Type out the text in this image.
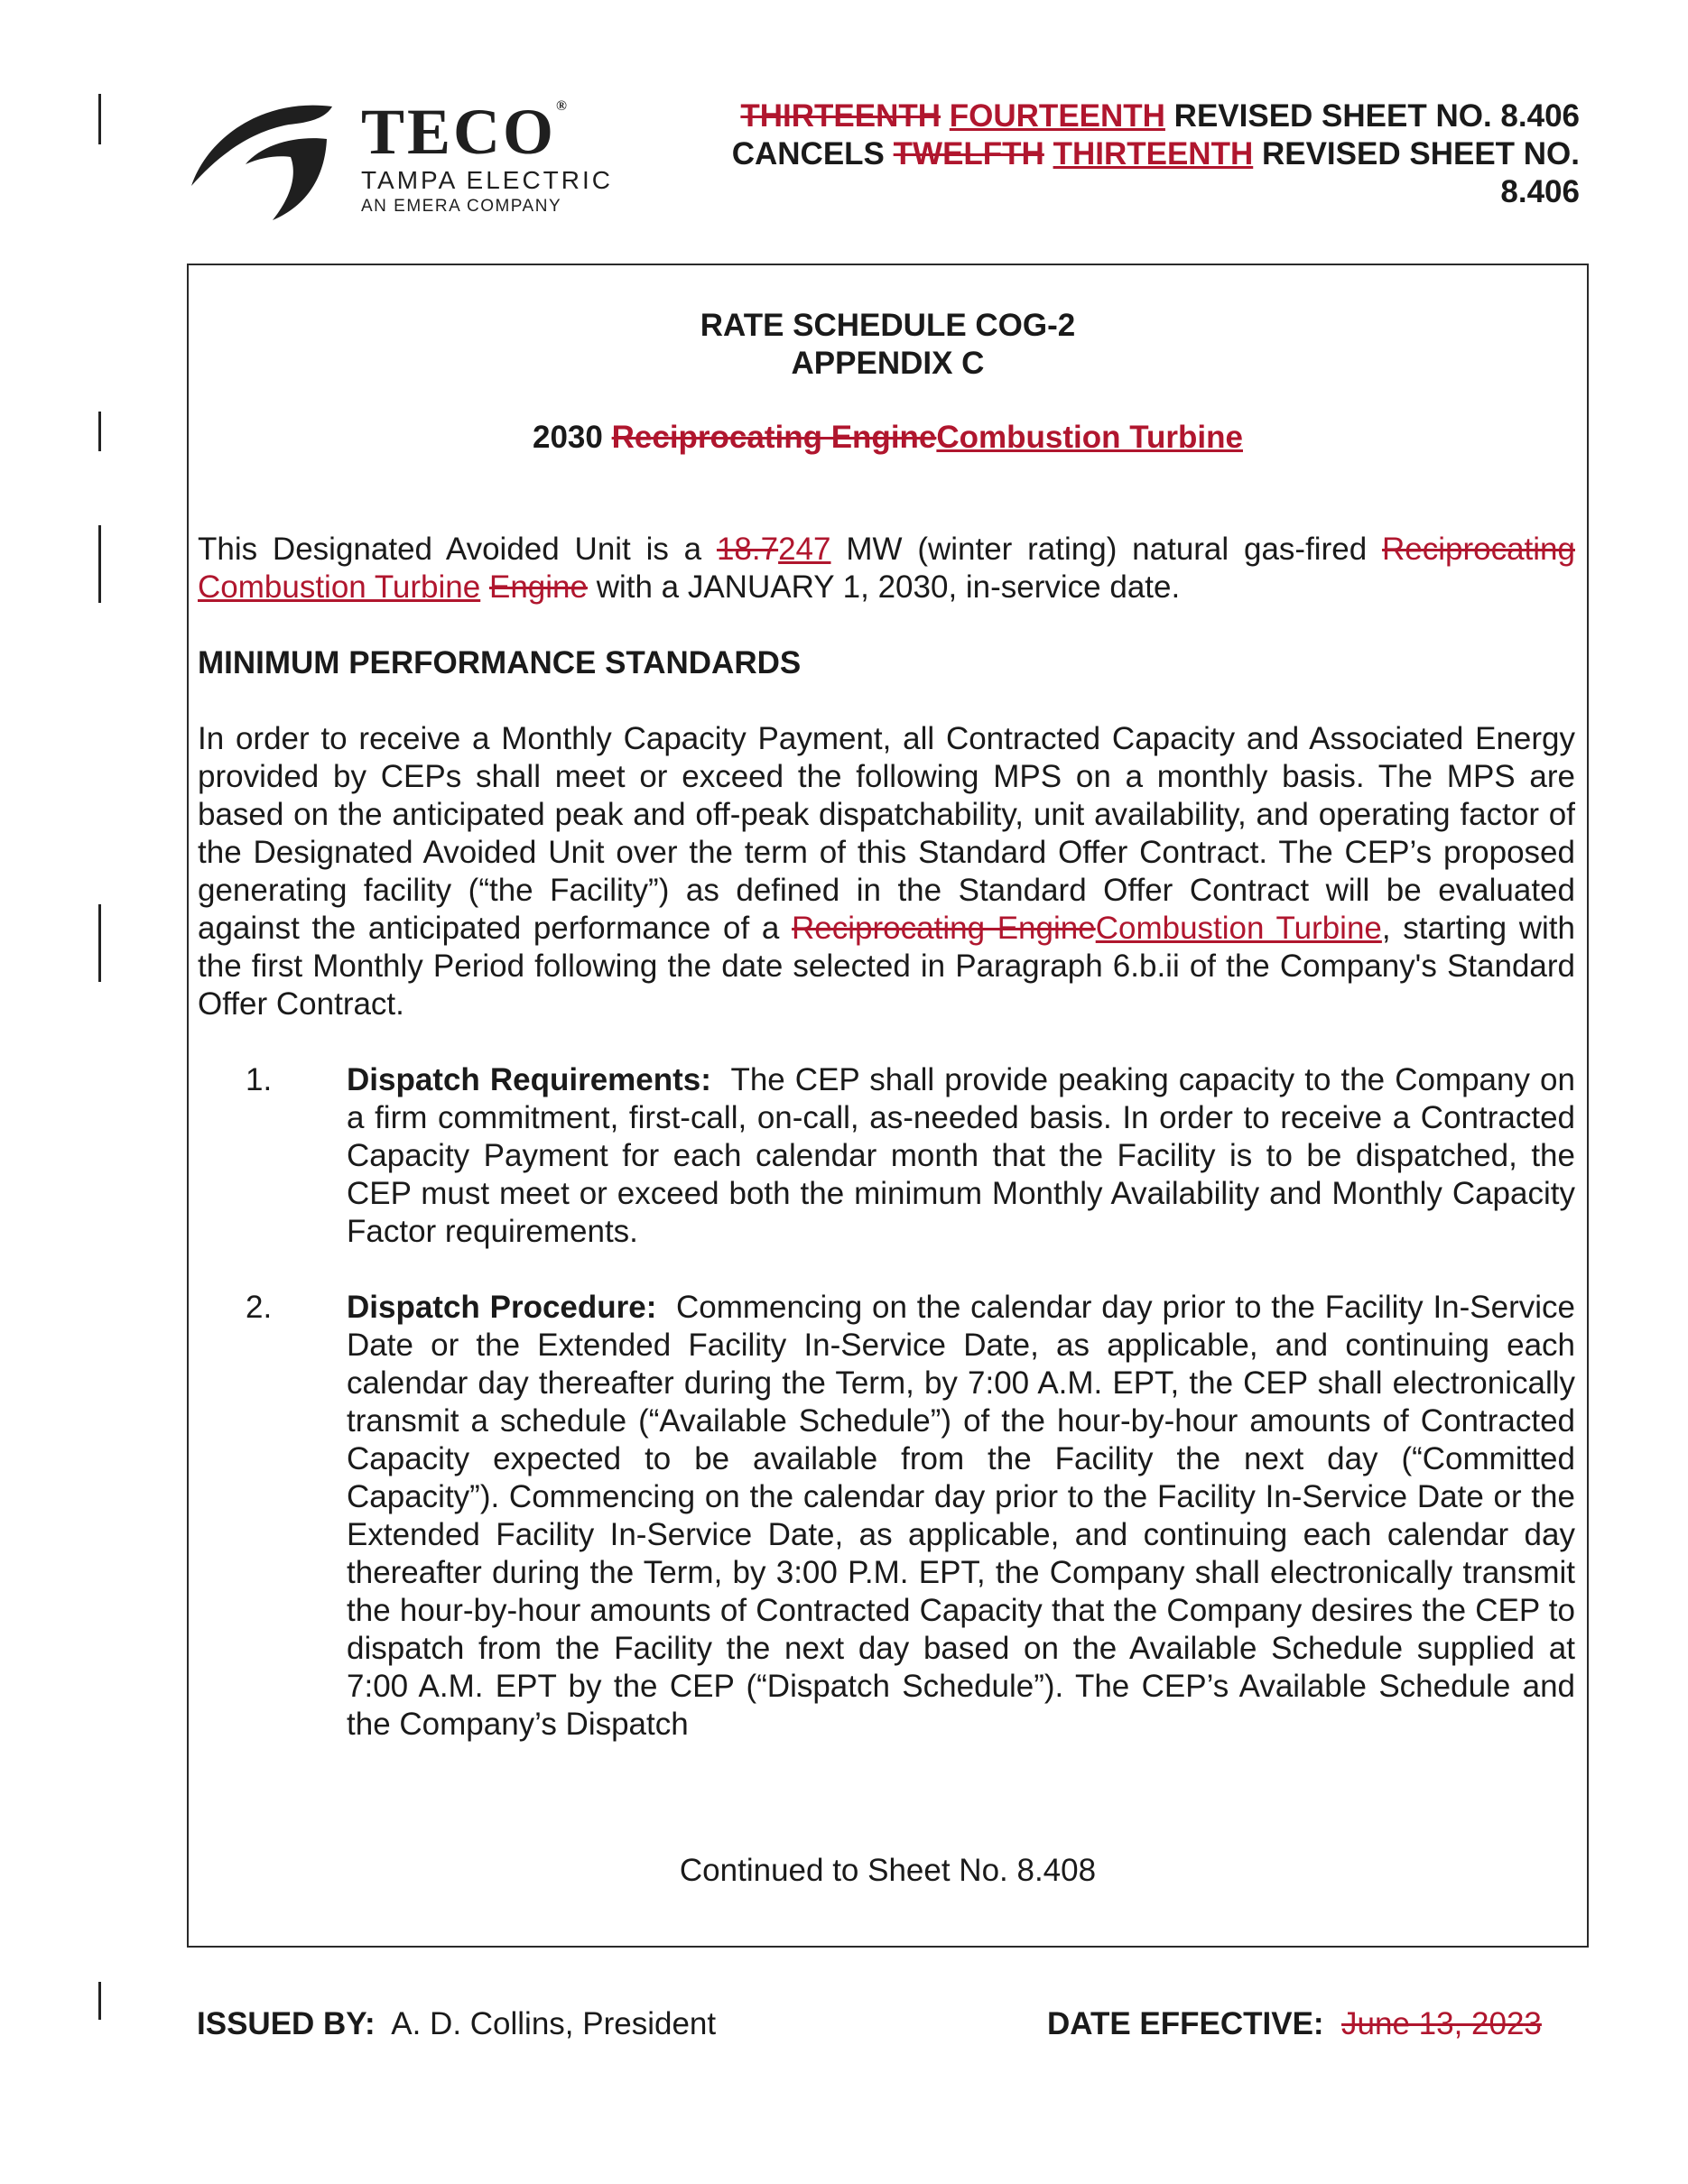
TECO®
TAMPA ELECTRIC
AN EMERA COMPANY
THIRTEENTH FOURTEENTH REVISED SHEET NO. 8.406
CANCELS TWELFTH THIRTEENTH REVISED SHEET NO.
8.406
RATE SCHEDULE COG-2
APPENDIX C
2030 Reciprocating EngineCombustion Turbine
This Designated Avoided Unit is a 18.7247 MW (winter rating) natural gas-fired Reciprocating Combustion Turbine Engine with a JANUARY 1, 2030, in-service date.
MINIMUM PERFORMANCE STANDARDS
In order to receive a Monthly Capacity Payment, all Contracted Capacity and Associated Energy provided by CEPs shall meet or exceed the following MPS on a monthly basis. The MPS are based on the anticipated peak and off-peak dispatchability, unit availability, and operating factor of the Designated Avoided Unit over the term of this Standard Offer Contract. The CEP’s proposed generating facility (“the Facility”) as defined in the Standard Offer Contract will be evaluated against the anticipated performance of a Reciprocating EngineCombustion Turbine, starting with the first Monthly Period following the date selected in Paragraph 6.b.ii of the Company's Standard Offer Contract.
1. Dispatch Requirements: The CEP shall provide peaking capacity to the Company on a firm commitment, first-call, on-call, as-needed basis. In order to receive a Contracted Capacity Payment for each calendar month that the Facility is to be dispatched, the CEP must meet or exceed both the minimum Monthly Availability and Monthly Capacity Factor requirements.
2. Dispatch Procedure: Commencing on the calendar day prior to the Facility In-Service Date or the Extended Facility In-Service Date, as applicable, and continuing each calendar day thereafter during the Term, by 7:00 A.M. EPT, the CEP shall electronically transmit a schedule (“Available Schedule”) of the hour-by-hour amounts of Contracted Capacity expected to be available from the Facility the next day (“Committed Capacity”). Commencing on the calendar day prior to the Facility In-Service Date or the Extended Facility In-Service Date, as applicable, and continuing each calendar day thereafter during the Term, by 3:00 P.M. EPT, the Company shall electronically transmit the hour-by-hour amounts of Contracted Capacity that the Company desires the CEP to dispatch from the Facility the next day based on the Available Schedule supplied at 7:00 A.M. EPT by the CEP (“Dispatch Schedule”). The CEP’s Available Schedule and the Company’s Dispatch
Continued to Sheet No. 8.408
ISSUED BY: A. D. Collins, President	DATE EFFECTIVE: June 13, 2023
